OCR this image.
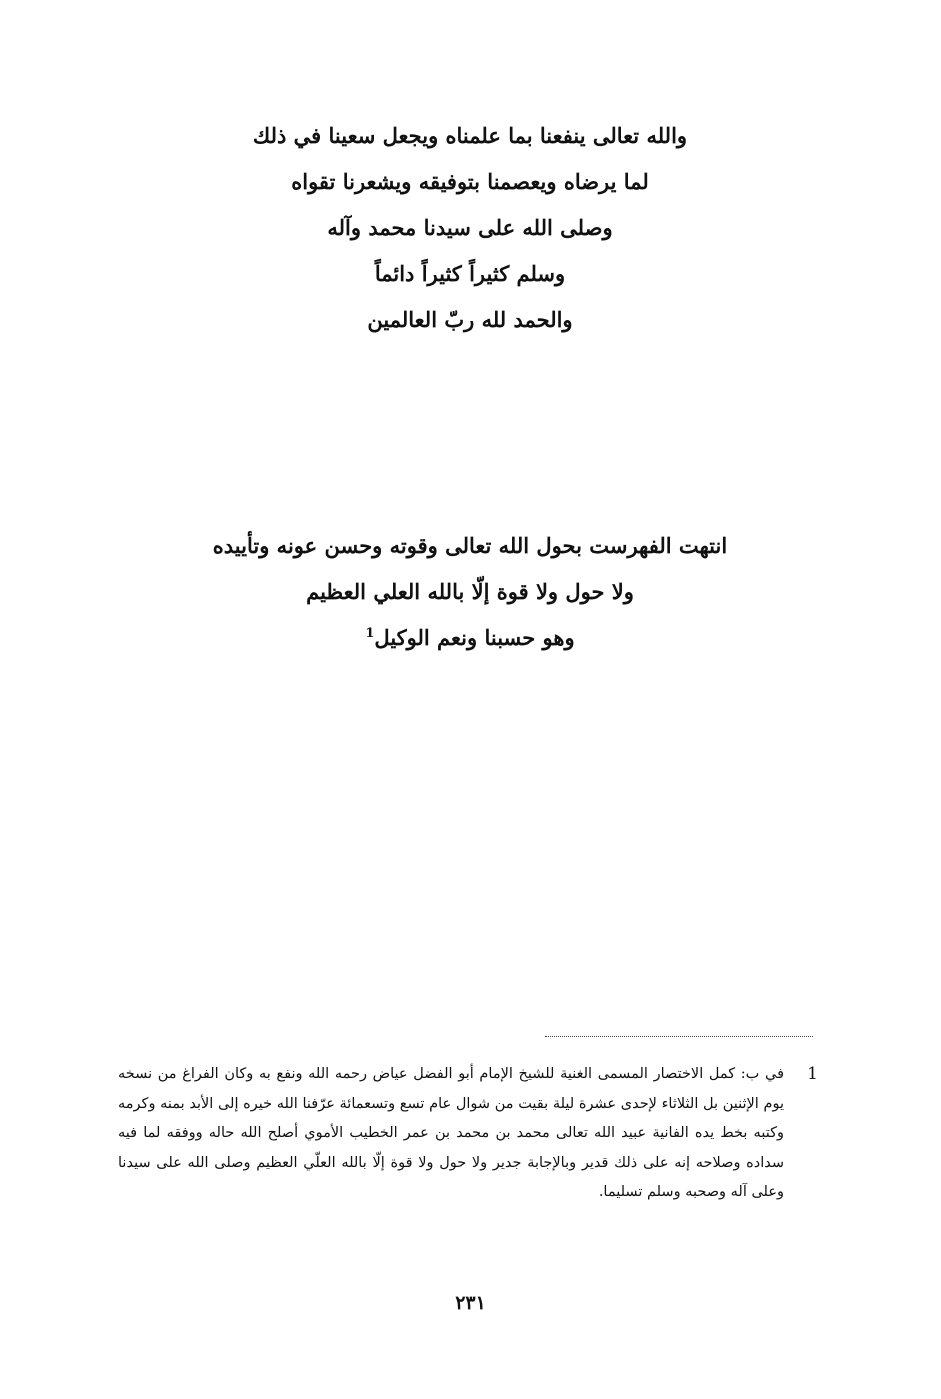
والله تعالى ينفعنا بما علمناه ويجعل سعينا في ذلك
لما يرضاه ويعصمنا بتوفيقه ويشعرنا تقواه
وصلى الله على سيدنا محمد وآله
وسلم كثيراً كثيراً دائماً
والحمد لله ربّ العالمين
انتهت الفهرست بحول الله تعالى وقوته وحسن عونه وتأييده
ولا حول ولا قوة إلّا بالله العلي العظيم
وهو حسبنا ونعم الوكيل$^1$
1
في ب: كمل الاختصار المسمى الغنية للشيخ الإمام أبو الفضل عياض رحمه الله ونفع به وكان الفراغ من نسخه يوم الإثنين بل الثلاثاء لإحدى عشرة ليلة بقيت من شوال عام تسع وتسعمائة عرّفنا الله خيره إلى الأبد بمنه وكرمه وكتبه بخط يده الفانية عبيد الله تعالى محمد بن محمد بن عمر الخطيب الأموي أصلح الله حاله ووفقه لما فيه سداده وصلاحه إنه على ذلك قدير وبالإجابة جدير ولا حول ولا قوة إلّا بالله العلّي العظيم وصلى الله على سيدنا وعلى آله وصحبه وسلم تسليما.
٢٣١
